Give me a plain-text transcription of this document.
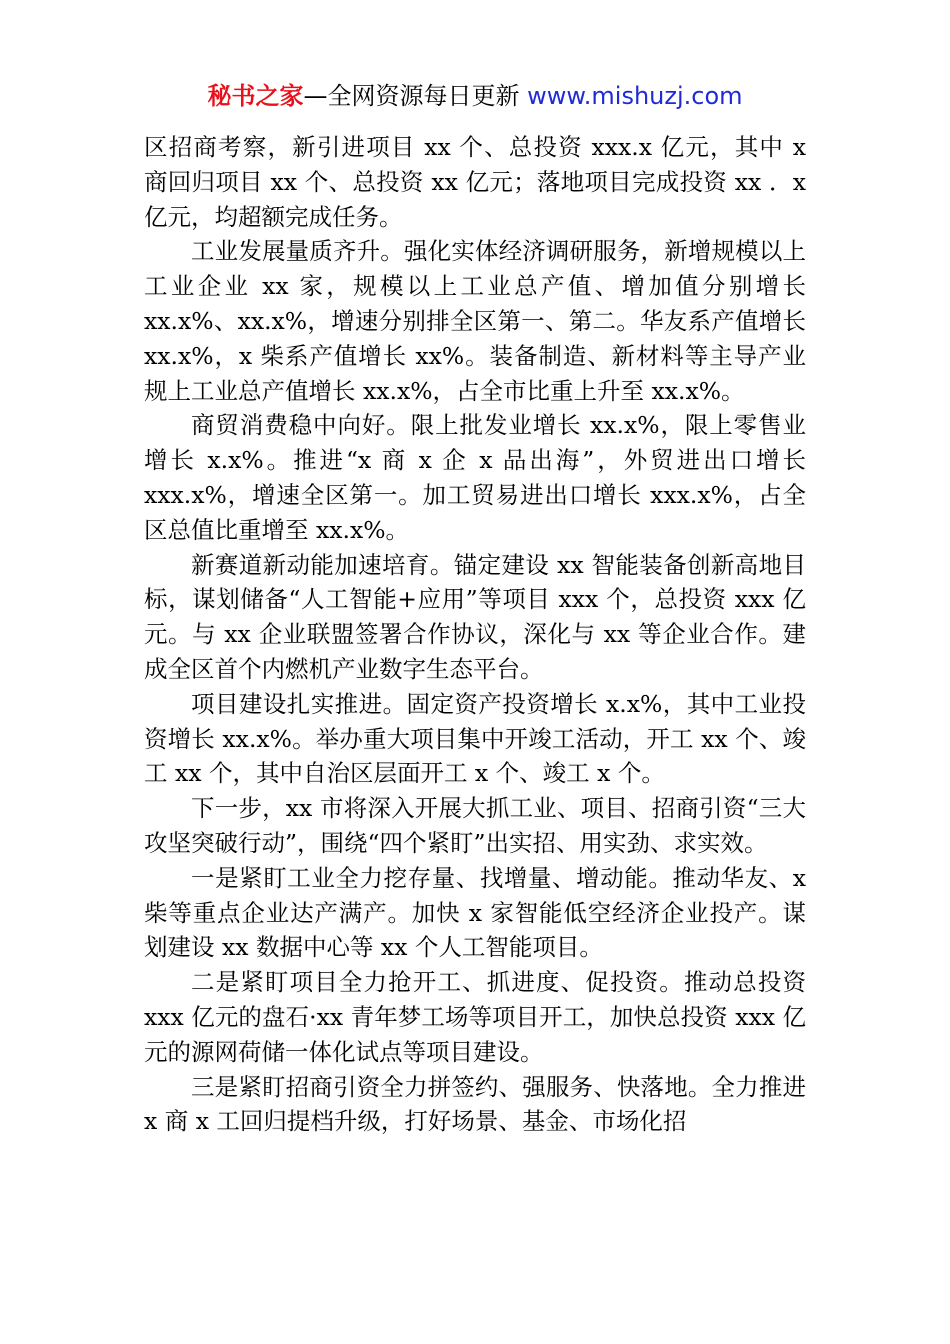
秘书之家—全网资源每日更新 www.mishuzj.com

区招商考察，新引进项目 xx 个、总投资 xxx.x 亿元，其中 x 商回归项目 xx 个、总投资 xx 亿元；落地项目完成投资 xx ．x 亿元，均超额完成任务。

工业发展量质齐升。强化实体经济调研服务，新增规模以上工业企业 xx 家，规模以上工业总产值、增加值分别增长 xx.x%、xx.x%，增速分别排全区第一、第二。华友系产值增长 xx.x%，x 柴系产值增长 xx%。装备制造、新材料等主导产业规上工业总产值增长 xx.x%，占全市比重上升至 xx.x%。

商贸消费稳中向好。限上批发业增长 xx.x%，限上零售业增长 x.x%。推进“x 商 x 企 x 品出海”，外贸进出口增长 xxx.x%，增速全区第一。加工贸易进出口增长 xxx.x%，占全区总值比重增至 xx.x%。

新赛道新动能加速培育。锚定建设 xx 智能装备创新高地目标，谋划储备“人工智能+应用”等项目 xxx 个，总投资 xxx 亿元。与 xx 企业联盟签署合作协议，深化与 xx 等企业合作。建成全区首个内燃机产业数字生态平台。

项目建设扎实推进。固定资产投资增长 x.x%，其中工业投资增长 xx.x%。举办重大项目集中开竣工活动，开工 xx 个、竣工 xx 个，其中自治区层面开工 x 个、竣工 x 个。

下一步，xx 市将深入开展大抓工业、项目、招商引资“三大攻坚突破行动”，围绕“四个紧盯”出实招、用实劲、求实效。

一是紧盯工业全力挖存量、找增量、增动能。推动华友、x 柴等重点企业达产满产。加快 x 家智能低空经济企业投产。谋划建设 xx 数据中心等 xx 个人工智能项目。

二是紧盯项目全力抢开工、抓进度、促投资。推动总投资 xxx 亿元的盘石·xx 青年梦工场等项目开工，加快总投资 xxx 亿元的源网荷储一体化试点等项目建设。

三是紧盯招商引资全力拼签约、强服务、快落地。全力推进 x 商 x 工回归提档升级，打好场景、基金、市场化招
